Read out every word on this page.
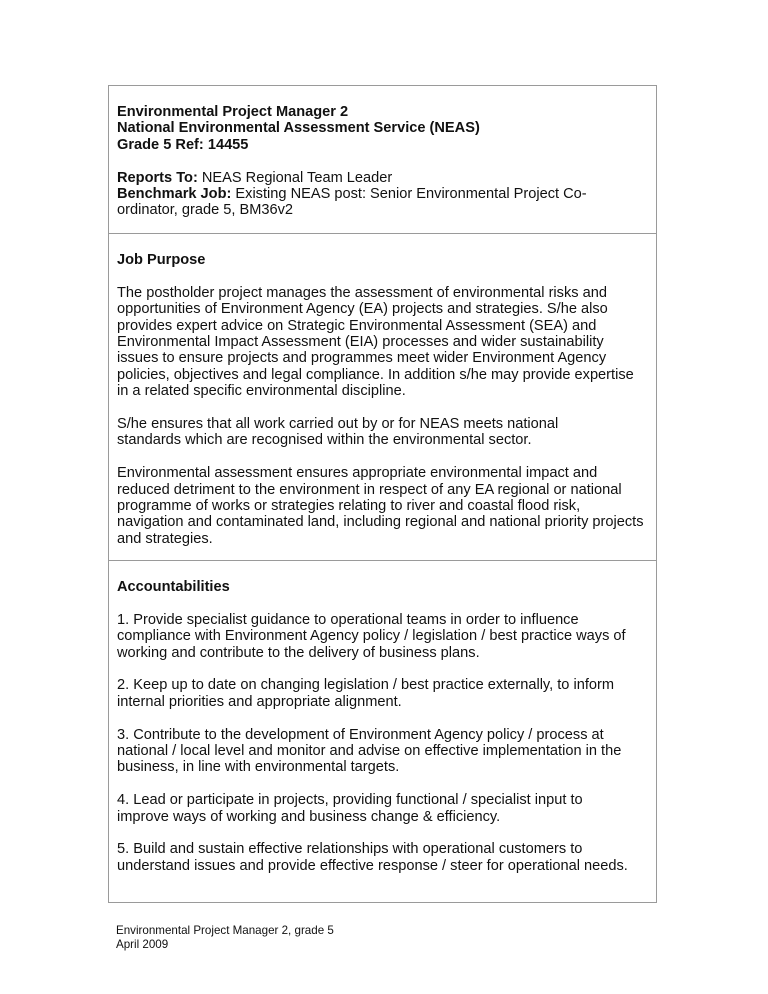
Environmental Project Manager 2

National Environmental Assessment Service (NEAS)

Grade 5 Ref: 14455

Reports To: NEAS Regional Team Leader

Benchmark Job: Existing NEAS post: Senior Environmental Project Co-ordinator, grade 5, BM36v2

Job Purpose

The postholder project manages the assessment of environmental risks and opportunities of Environment Agency (EA) projects and strategies. S/he also provides expert advice on Strategic Environmental Assessment (SEA) and Environmental Impact Assessment (EIA) processes and wider sustainability issues to ensure projects and programmes meet wider Environment Agency policies, objectives and legal compliance. In addition s/he may provide expertise in a related specific environmental discipline.

S/he ensures that all work carried out by or for NEAS meets national standards which are recognised within the environmental sector.

Environmental assessment ensures appropriate environmental impact and reduced detriment to the environment in respect of any EA regional or national programme of works or strategies relating to river and coastal flood risk, navigation and contaminated land, including regional and national priority projects and strategies.

Accountabilities

1. Provide specialist guidance to operational teams in order to influence compliance with Environment Agency policy / legislation / best practice ways of working and contribute to the delivery of business plans.

2. Keep up to date on changing legislation / best practice externally, to inform internal priorities and appropriate alignment.

3. Contribute to the development of Environment Agency policy / process at national / local level and monitor and advise on effective implementation in the business, in line with environmental targets.

4. Lead or participate in projects, providing functional / specialist input to improve ways of working and business change & efficiency.

5. Build and sustain effective relationships with operational customers to understand issues and provide effective response / steer for operational needs.

Environmental Project Manager 2, grade 5
April 2009
